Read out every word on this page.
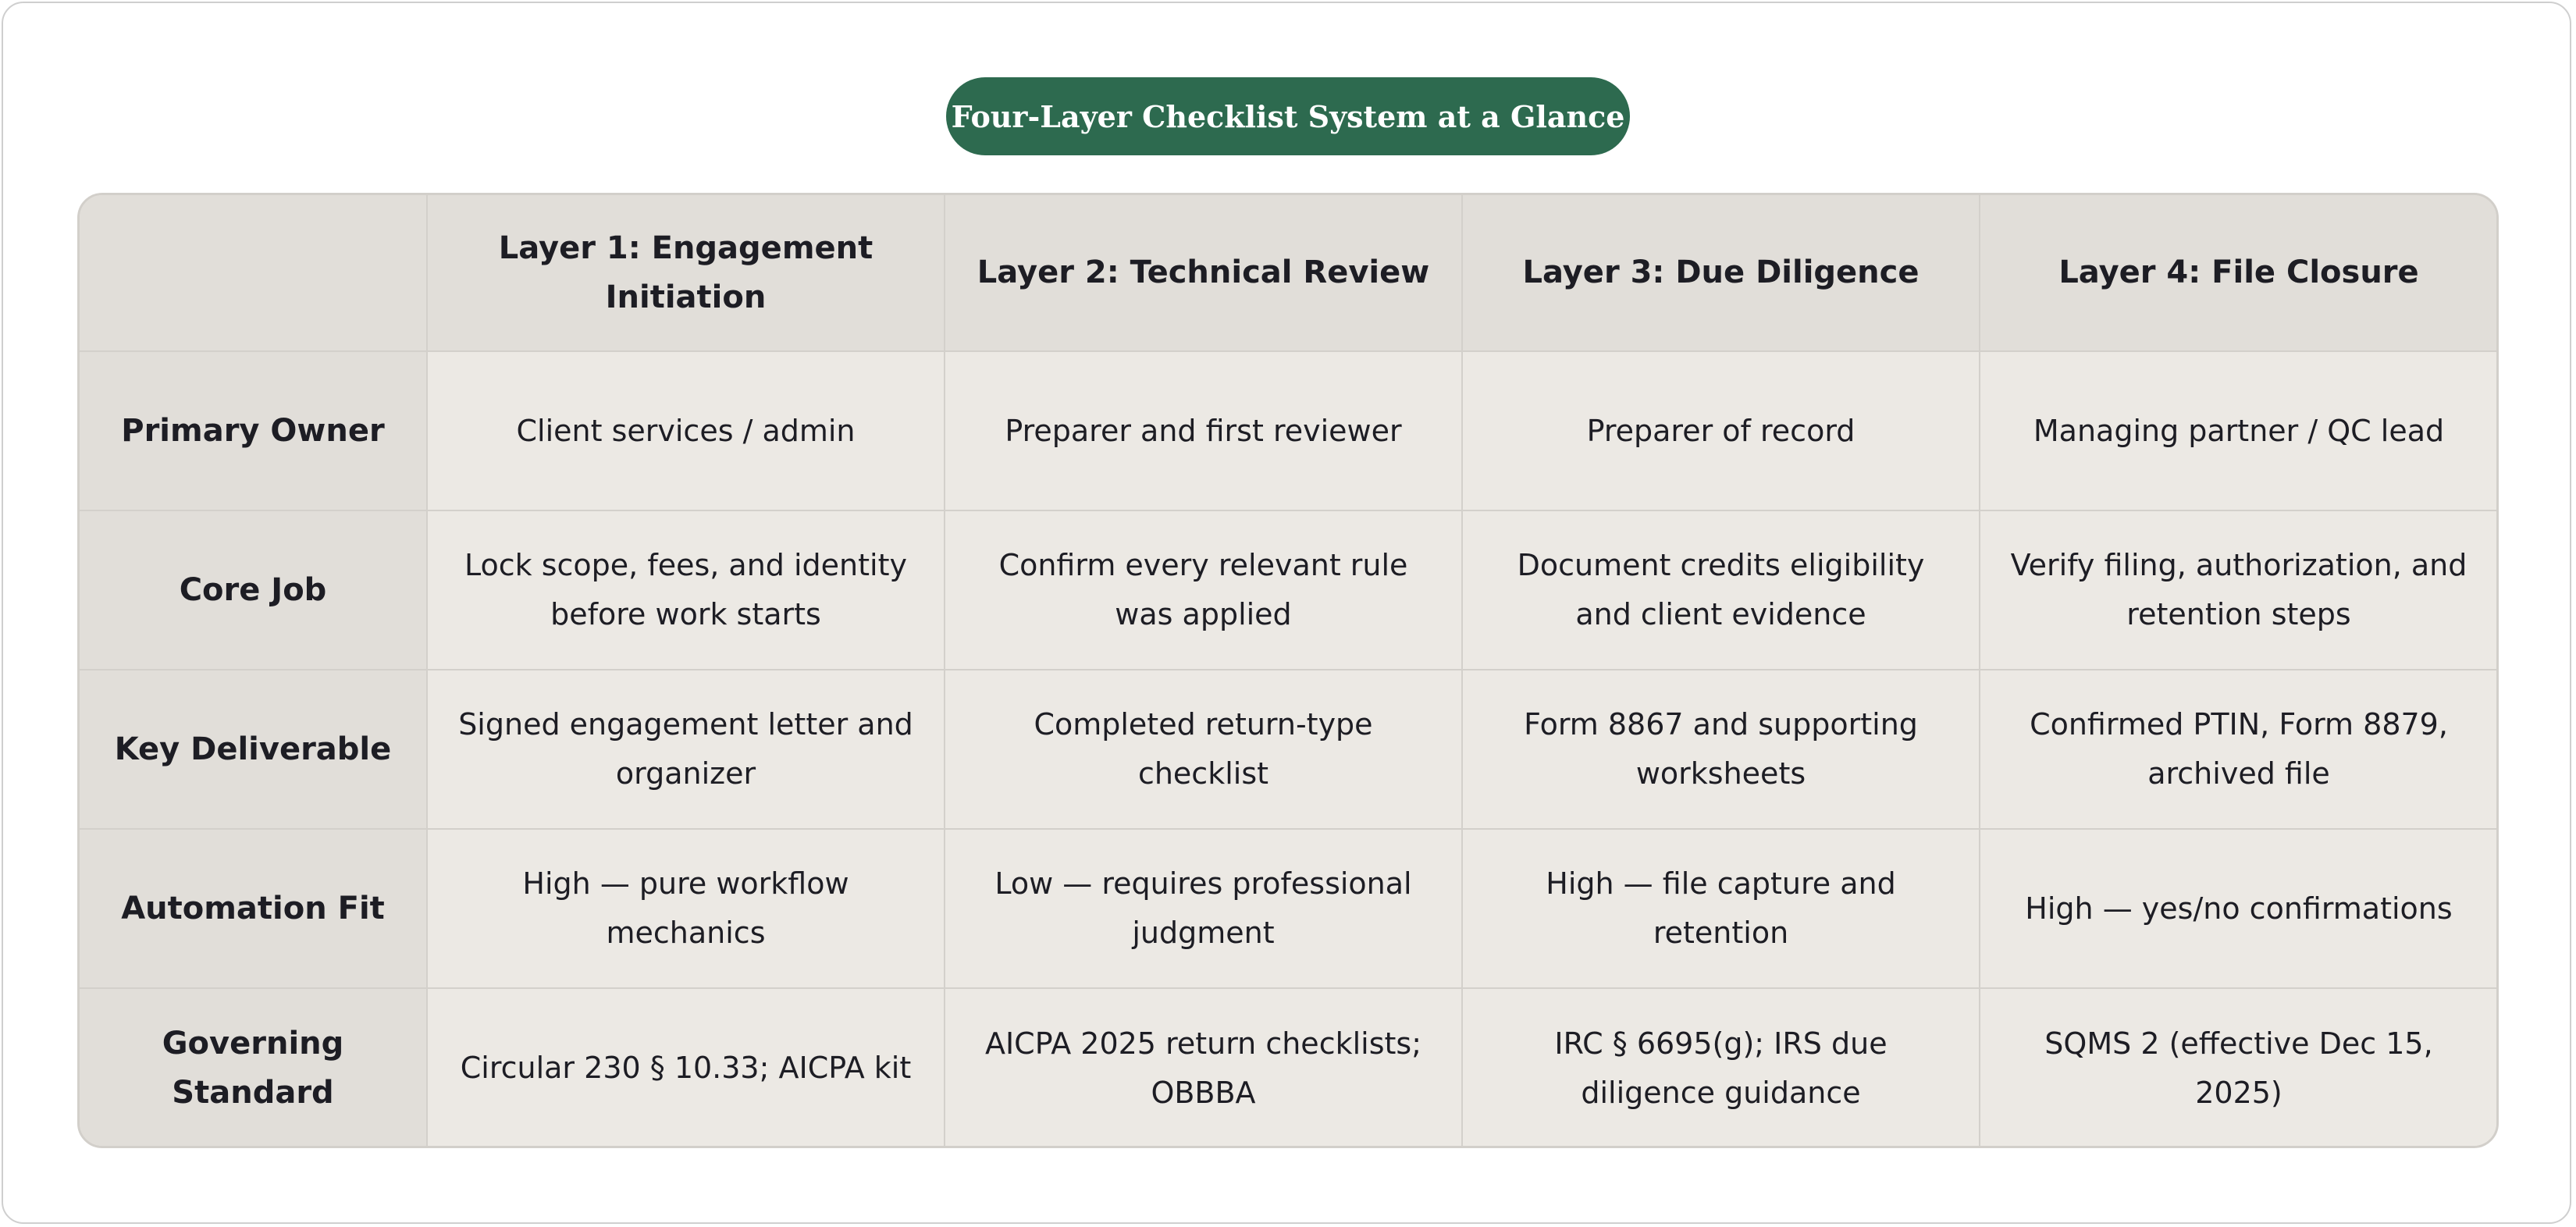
Four-Layer Checklist System at a Glance
	Layer 1: Engagement Initiation	Layer 2: Technical Review	Layer 3: Due Diligence	Layer 4: File Closure
Primary Owner	Client services / admin	Preparer and first reviewer	Preparer of record	Managing partner / QC lead
Core Job	Lock scope, fees, and identity before work starts	Confirm every relevant rule was applied	Document credits eligibility and client evidence	Verify filing, authorization, and retention steps
Key Deliverable	Signed engagement letter and organizer	Completed return-type checklist	Form 8867 and supporting worksheets	Confirmed PTIN, Form 8879, archived file
Automation Fit	High — pure workflow mechanics	Low — requires professional judgment	High — file capture and retention	High — yes/no confirmations
Governing Standard	Circular 230 § 10.33; AICPA kit	AICPA 2025 return checklists; OBBBA	IRC § 6695(g); IRS due diligence guidance	SQMS 2 (effective Dec 15, 2025)
